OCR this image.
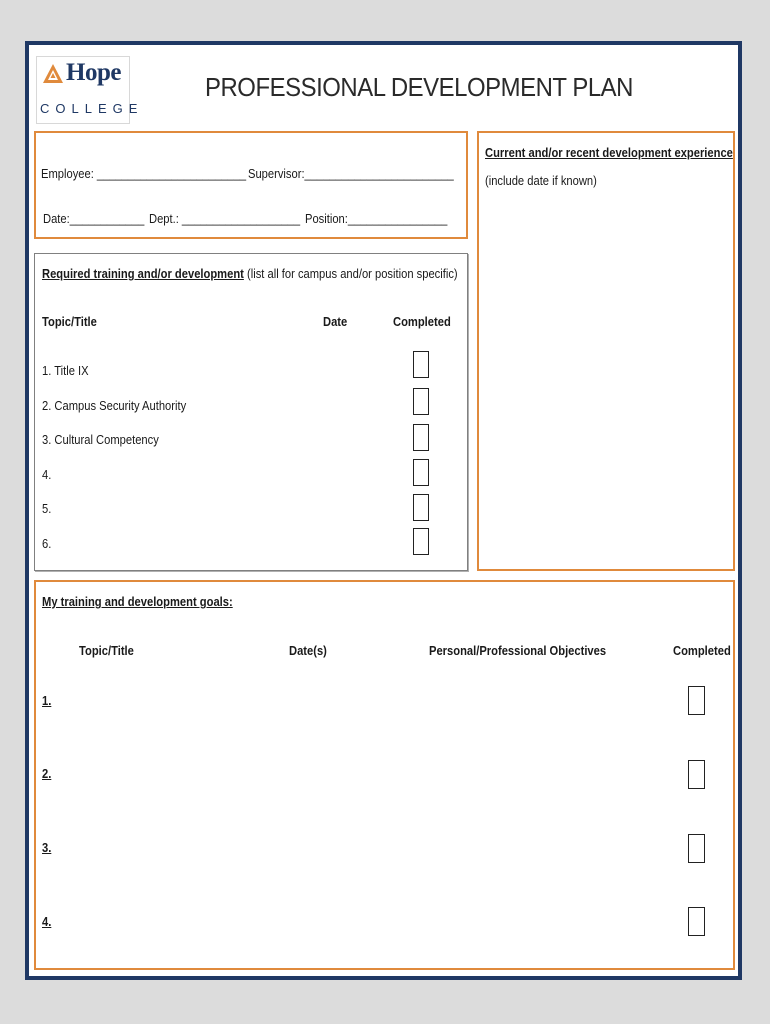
Hope
COLLEGE
PROFESSIONAL DEVELOPMENT PLAN
Employee: ________________________ Supervisor:________________________
Date:____________ Dept.: ___________________ Position:________________
Current and/or recent development experience
(include date if known)
Required training and/or development (list all for campus and/or position specific)
Topic/Title	Date	Completed
1. Title IX
2. Campus Security Authority
3. Cultural Competency
4.
5.
6.
My training and development goals:
Topic/Title	Date(s)	Personal/Professional Objectives	Completed
1.
2.
3.
4.
